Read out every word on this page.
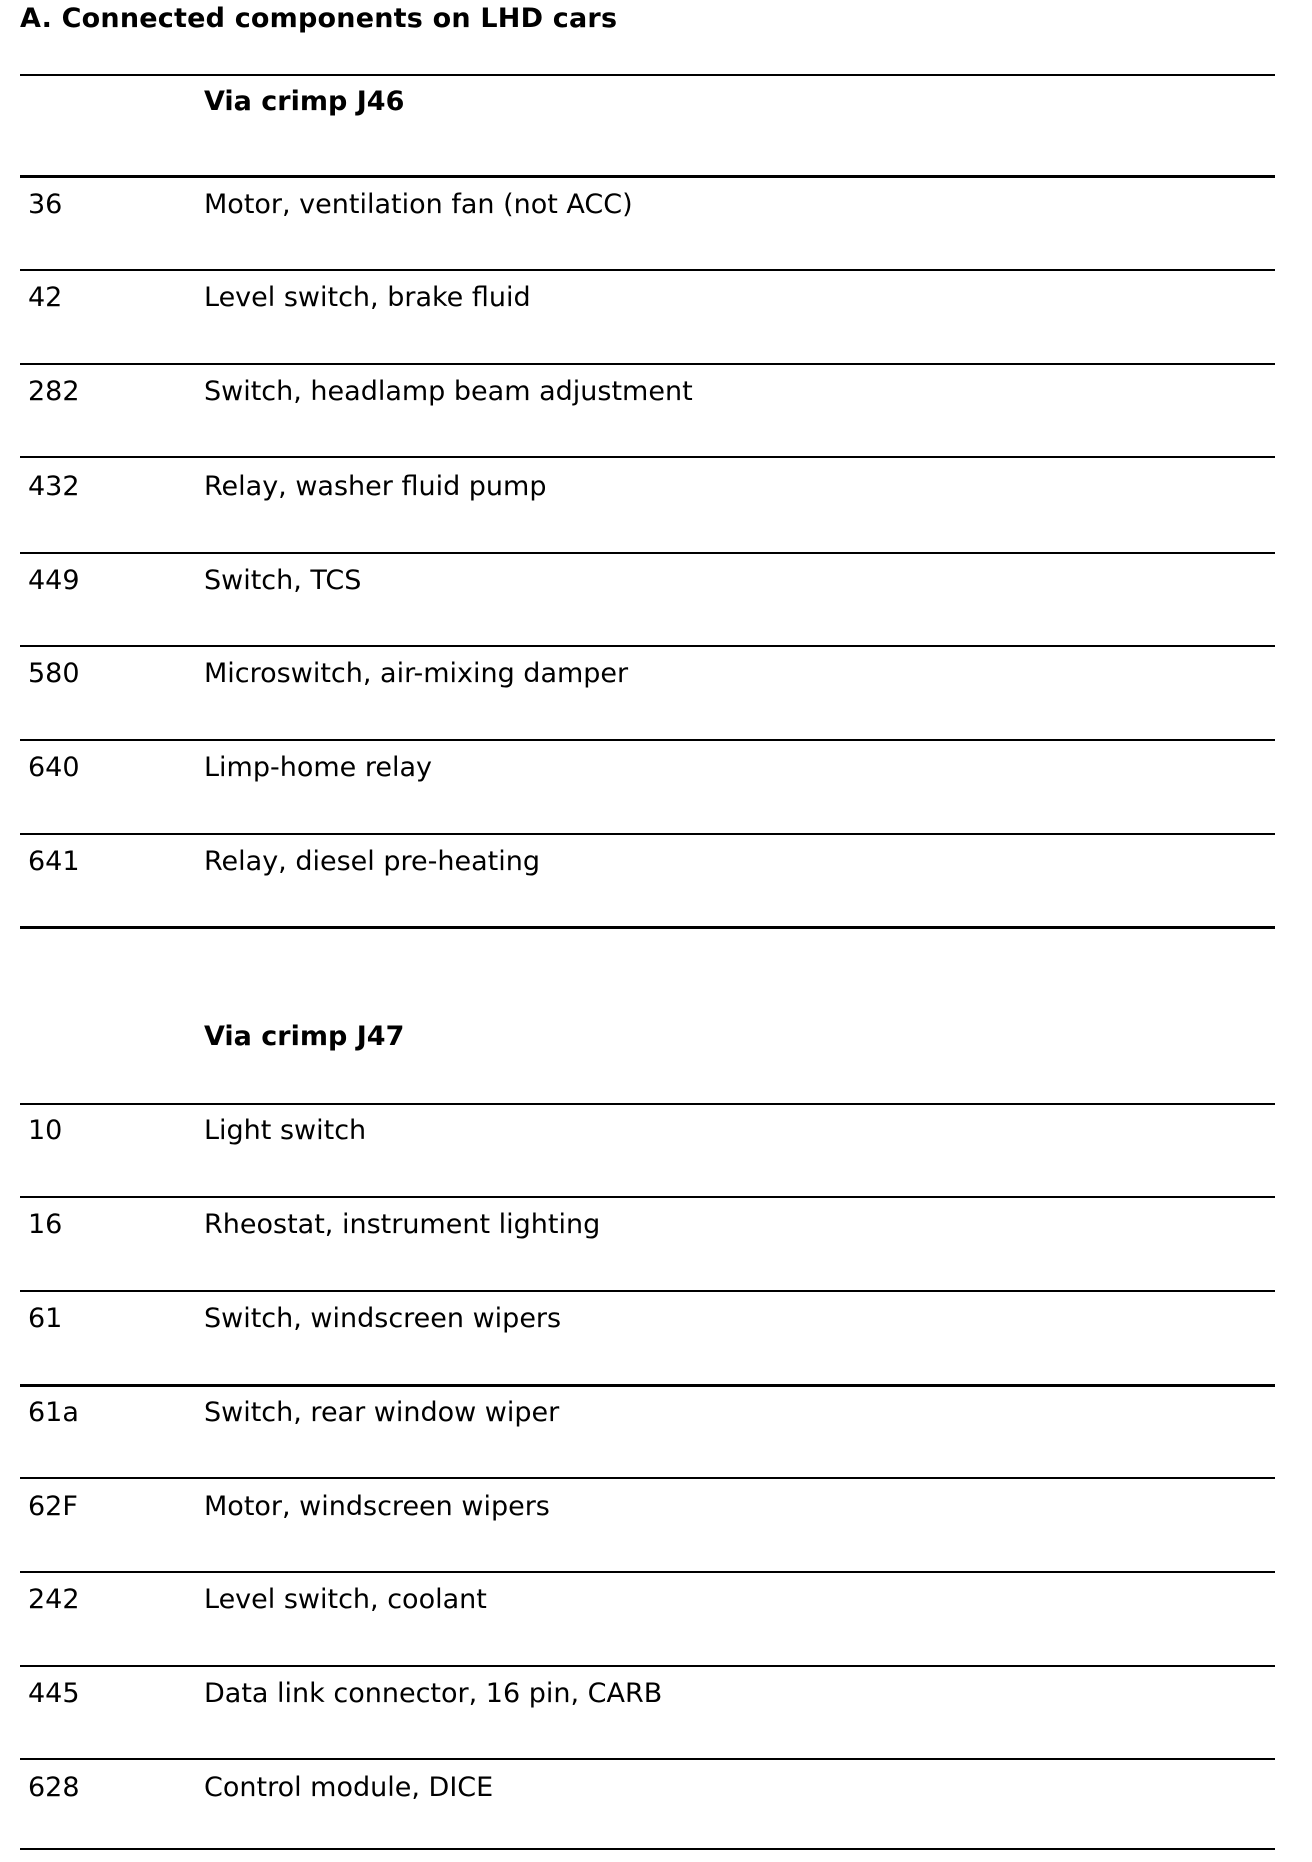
A. Connected components on LHD cars
Via crimp J46
36	Motor, ventilation fan (not ACC)
42	Level switch, brake fluid
282	Switch, headlamp beam adjustment
432	Relay, washer fluid pump
449	Switch, TCS
580	Microswitch, air-mixing damper
640	Limp-home relay
641	Relay, diesel pre-heating
Via crimp J47
10	Light switch
16	Rheostat, instrument lighting
61	Switch, windscreen wipers
61a	Switch, rear window wiper
62F	Motor, windscreen wipers
242	Level switch, coolant
445	Data link connector, 16 pin, CARB
628	Control module, DICE
